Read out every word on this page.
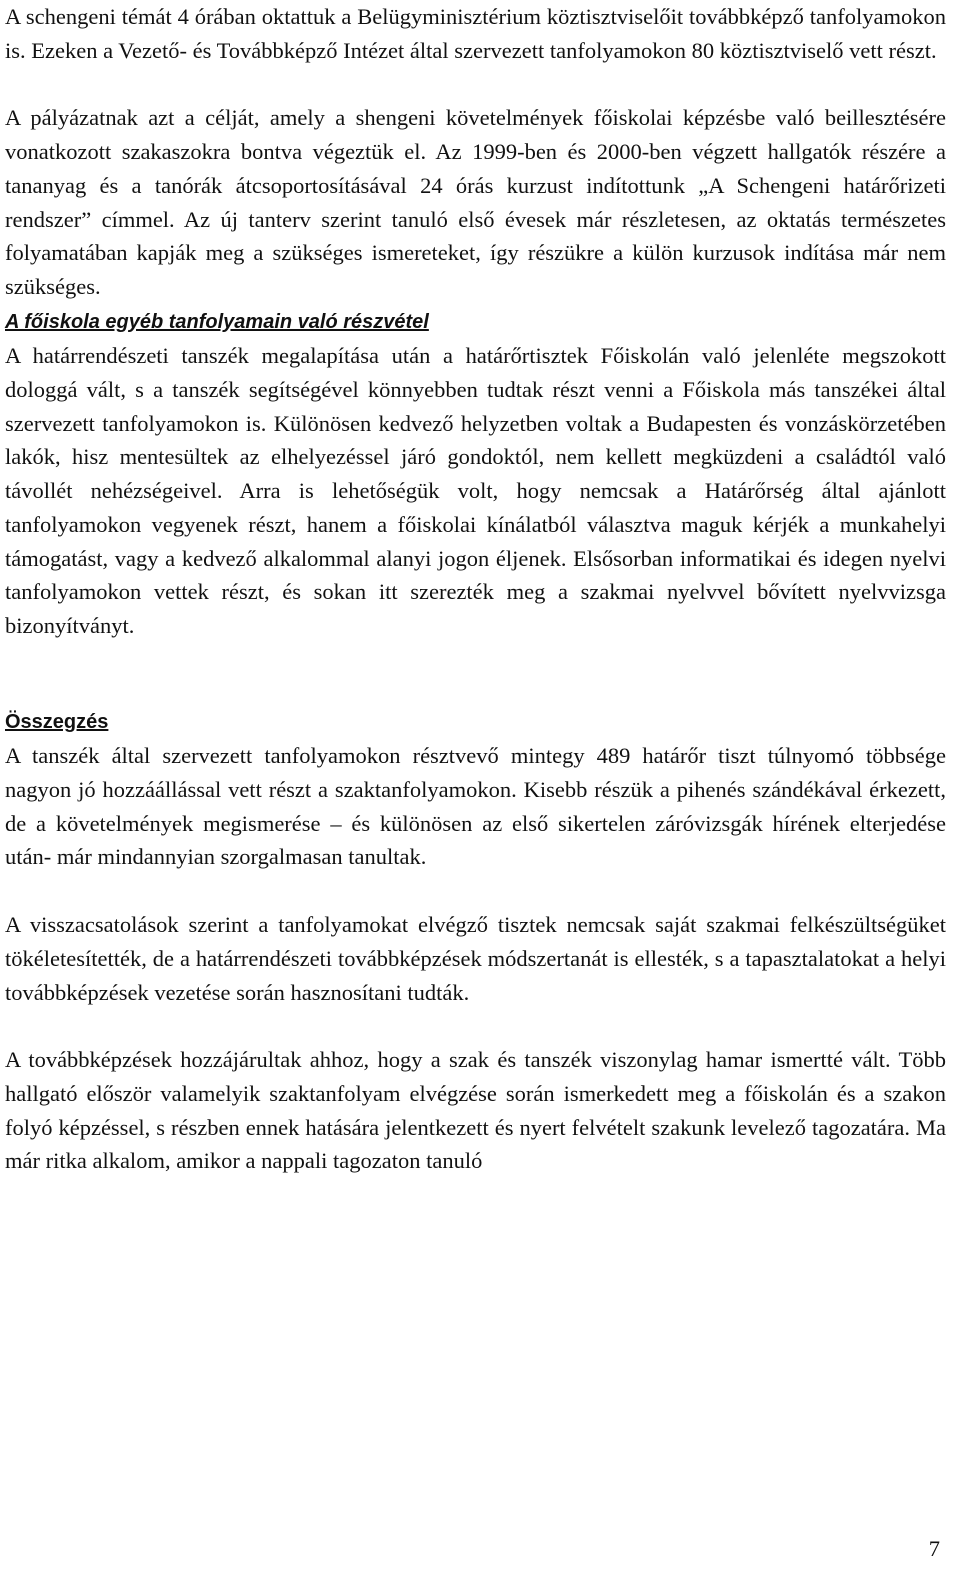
A schengeni témát 4 órában oktattuk a Belügyminisztérium köztisztviselőit továbbképző tanfolyamokon is. Ezeken a Vezető- és Továbbképző Intézet által szervezett tanfolyamokon 80 köztisztviselő vett részt.

A pályázatnak azt a célját, amely a shengeni követelmények főiskolai képzésbe való beillesztésére vonatkozott szakaszokra bontva végeztük el. Az 1999-ben és 2000-ben végzett hallgatók részére a tananyag és a tanórák átcsoportosításával 24 órás kurzust indítottunk „A Schengeni határőrizeti rendszer” címmel. Az új tanterv szerint tanuló első évesek már részletesen, az oktatás természetes folyamatában kapják meg a szükséges ismereteket, így részükre a külön kurzusok indítása már nem szükséges.

A főiskola egyéb tanfolyamain való részvétel

A határrendészeti tanszék megalapítása után a határőrtisztek Főiskolán való jelenléte megszokott dologgá vált, s a tanszék segítségével könnyebben tudtak részt venni a Főiskola más tanszékei által szervezett tanfolyamokon is. Különösen kedvező helyzetben voltak a Budapesten és vonzáskörzetében lakók, hisz mentesültek az elhelyezéssel járó gondoktól, nem kellett megküzdeni a családtól való távollét nehézségeivel. Arra is lehetőségük volt, hogy nemcsak a Határőrség által ajánlott tanfolyamokon vegyenek részt, hanem a főiskolai kínálatból választva maguk kérjék a munkahelyi támogatást, vagy a kedvező alkalommal alanyi jogon éljenek. Elsősorban informatikai és idegen nyelvi tanfolyamokon vettek részt, és sokan itt szerezték meg a szakmai nyelvvel bővített nyelvvizsga bizonyítványt.

Összegzés

A tanszék által szervezett tanfolyamokon résztvevő mintegy 489 határőr tiszt túlnyomó többsége nagyon jó hozzáállással vett részt a szaktanfolyamokon. Kisebb részük a pihenés szándékával érkezett, de a követelmények megismerése – és különösen az első sikertelen záróvizsgák hírének elterjedése után- már mindannyian szorgalmasan tanultak.

A visszacsatolások szerint a tanfolyamokat elvégző tisztek nemcsak saját szakmai felkészültségüket tökéletesítették, de a határrendészeti továbbképzések módszertanát is ellesték, s a tapasztalatokat a helyi továbbképzések vezetése során hasznosítani tudták.

A továbbképzések hozzájárultak ahhoz, hogy a szak és tanszék viszonylag hamar ismertté vált. Több hallgató először valamelyik szaktanfolyam elvégzése során ismerkedett meg a főiskolán és a szakon folyó képzéssel, s részben ennek hatására jelentkezett és nyert felvételt szakunk levelező tagozatára. Ma már ritka alkalom, amikor a nappali tagozaton tanuló

7
